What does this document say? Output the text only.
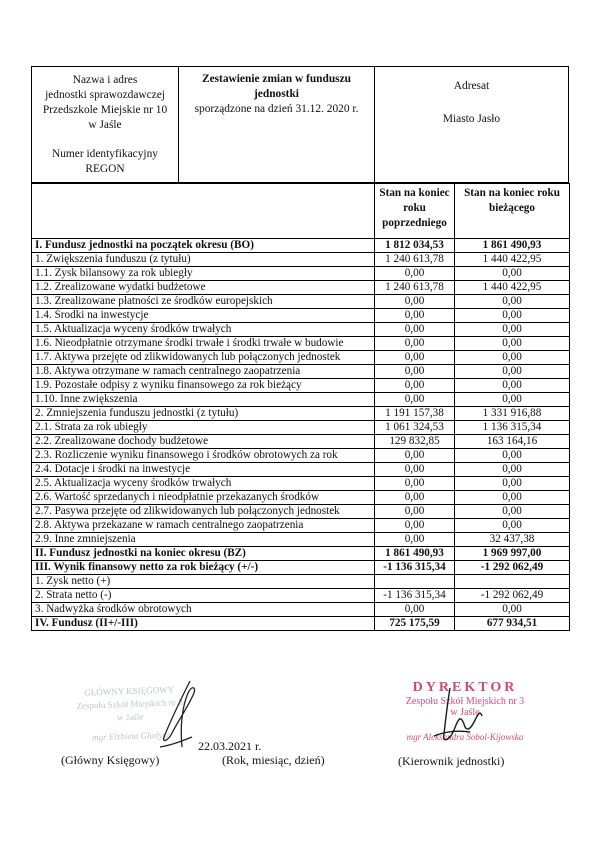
Nazwa i adres
jednostki sprawozdawczej
Przedszkole Miejskie nr 10
w Jaśle
Numer identyfikacyjny
REGON
Zestawienie zmian w funduszu
jednostki
sporządzone na dzień 31.12. 2020 r.
Adresat
Miasto Jasło
	Stan na koniec roku poprzedniego	Stan na koniec roku bieżącego
I. Fundusz jednostki na początek okresu (BO)	1 812 034,53	1 861 490,93
1. Zwiększenia funduszu (z tytułu)	1 240 613,78	1 440 422,95
1.1. Zysk bilansowy za rok ubiegły	0,00	0,00
1.2. Zrealizowane wydatki budżetowe	1 240 613,78	1 440 422,95
1.3. Zrealizowane płatności ze środków europejskich	0,00	0,00
1.4. Środki na inwestycje	0,00	0,00
1.5. Aktualizacja wyceny środków trwałych	0,00	0,00
1.6. Nieodpłatnie otrzymane środki trwałe i środki trwałe w budowie	0,00	0,00
1.7. Aktywa przejęte od zlikwidowanych lub połączonych jednostek	0,00	0,00
1.8. Aktywa otrzymane w ramach centralnego zaopatrzenia	0,00	0,00
1.9. Pozostałe odpisy z wyniku finansowego za rok bieżący	0,00	0,00
1.10. Inne zwiększenia	0,00	0,00
2. Zmniejszenia funduszu jednostki (z tytułu)	1 191 157,38	1 331 916,88
2.1. Strata za rok ubiegły	1 061 324,53	1 136 315,34
2.2. Zrealizowane dochody budżetowe	129 832,85	163 164,16
2.3. Rozliczenie wyniku finansowego i środków obrotowych za rok	0,00	0,00
2.4. Dotacje i środki na inwestycje	0,00	0,00
2.5. Aktualizacja wyceny środków trwałych	0,00	0,00
2.6. Wartość sprzedanych i nieodpłatnie przekazanych środków	0,00	0,00
2.7. Pasywa przejęte od zlikwidowanych lub połączonych jednostek	0,00	0,00
2.8. Aktywa przekazane w ramach centralnego zaopatrzenia	0,00	0,00
2.9. Inne zmniejszenia	0,00	32 437,38
II. Fundusz jednostki na koniec okresu (BZ)	1 861 490,93	1 969 997,00
III. Wynik finansowy netto za rok bieżący (+/-)	-1 136 315,34	-1 292 062,49
1. Zysk netto (+)		
2. Strata netto (-)	-1 136 315,34	-1 292 062,49
3. Nadwyżka środków obrotowych	0,00	0,00
IV. Fundusz (II+/-III)	725 175,59	677 934,51
GŁÓWNY KSIĘGOWY
Zespołu Szkół Miejskich nr 3
w Jaśle
mgr Elżbieta Gładysz
DYREKTOR
Zespołu Szkół Miejskich nr 3
w Jaśle
mgr Aleksandra Sobol-Kijowska
22.03.2021 r.
(Główny Księgowy)	(Rok, miesiąc, dzień)	(Kierownik jednostki)
